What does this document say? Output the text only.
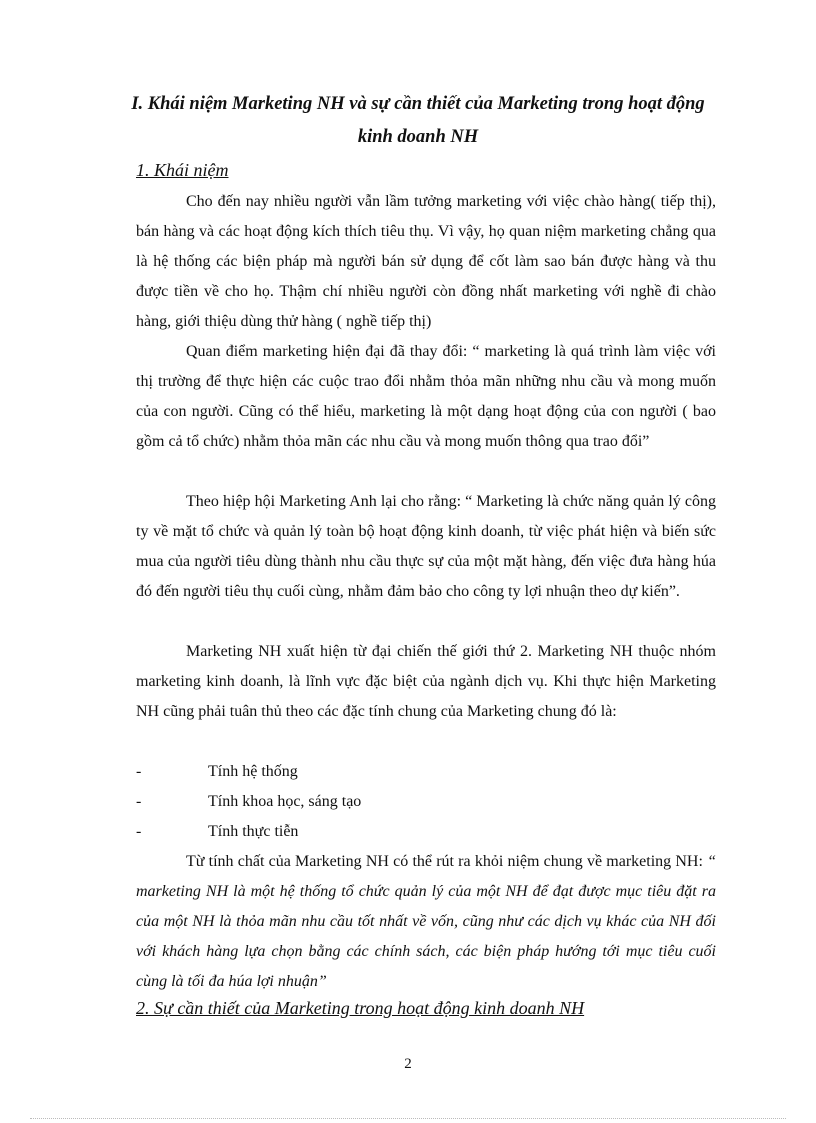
I. Khái niệm Marketing NH và sự cần thiết của Marketing trong hoạt động kinh doanh NH

1. Khái niệm

Cho đến nay nhiều người vẫn lầm tưởng marketing với việc chào hàng( tiếp thị), bán hàng và các hoạt động kích thích tiêu thụ. Vì vậy, họ quan niệm marketing chẳng qua là hệ thống các biện pháp mà người bán sử dụng để cốt làm sao bán được hàng và thu được tiền về cho họ. Thậm chí nhiều người còn đồng nhất marketing với nghề đi chào hàng, giới thiệu dùng thử hàng ( nghề tiếp thị)

Quan điểm marketing hiện đại đã thay đổi: “ marketing là quá trình làm việc với thị trường để thực hiện các cuộc trao đổi nhằm thỏa mãn những nhu cầu và mong muốn của con người. Cũng có thể hiểu, marketing là một dạng hoạt động của con người ( bao gồm cả tổ chức) nhằm thỏa mãn các nhu cầu và mong muốn thông qua trao đổi”

Theo hiệp hội Marketing Anh lại cho rằng: “ Marketing là chức năng quản lý công ty về mặt tổ chức và quản lý toàn bộ hoạt động kinh doanh, từ việc phát hiện và biến sức mua của người tiêu dùng thành nhu cầu thực sự của một mặt hàng, đến việc đưa hàng húa đó đến người tiêu thụ cuối cùng, nhằm đảm bảo cho công ty lợi nhuận theo dự kiến”.

Marketing NH xuất hiện từ đại chiến thế giới thứ 2. Marketing NH thuộc nhóm marketing kinh doanh, là lĩnh vực đặc biệt của ngành dịch vụ. Khi thực hiện Marketing NH cũng phải tuân thủ theo các đặc tính chung của Marketing chung đó là:

-	Tính hệ thống

-	Tính khoa học, sáng tạo

-	Tính thực tiễn

Từ tính chất của Marketing NH có thể rút ra khỏi niệm chung về marketing NH: “ marketing NH là một hệ thống tổ chức quản lý của một NH để đạt được mục tiêu đặt ra của một NH là thỏa mãn nhu cầu tốt nhất về vốn, cũng như các dịch vụ khác của NH đối với khách hàng lựa chọn bằng các chính sách, các biện pháp hướng tới mục tiêu cuối cùng là tối đa húa lợi nhuận”

2. Sự cần thiết của Marketing trong hoạt động kinh doanh NH

2
